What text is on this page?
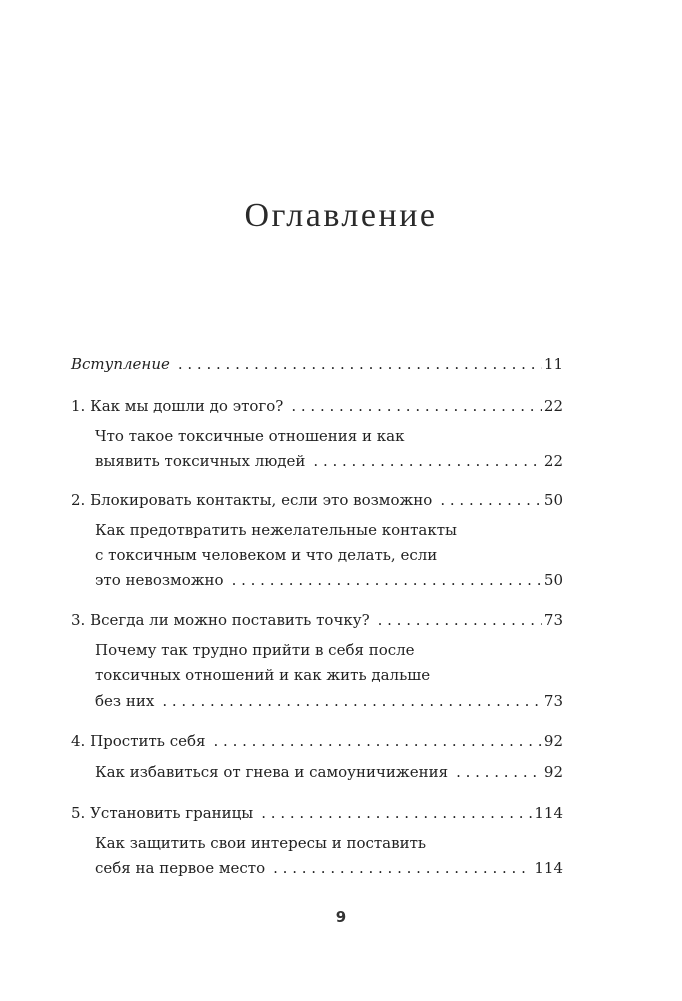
Оглавление
Вступление . . .	11
1. Как мы дошли до этого? . . .	22
Что такое токсичные отношения и как
выявить токсичных людей . . .	22
2. Блокировать контакты, если это возможно . . .	50
Как предотвратить нежелательные контакты
с токсичным человеком и что делать, если
это невозможно . . .	50
3. Всегда ли можно поставить точку? . . .	73
Почему так трудно прийти в себя после
токсичных отношений и как жить дальше
без них . . .	73
4. Простить себя . . .	92
Как избавиться от гнева и самоуничижения . . .	92
5. Установить границы . . .	114
Как защитить свои интересы и поставить
себя на первое место . . .	114
9
